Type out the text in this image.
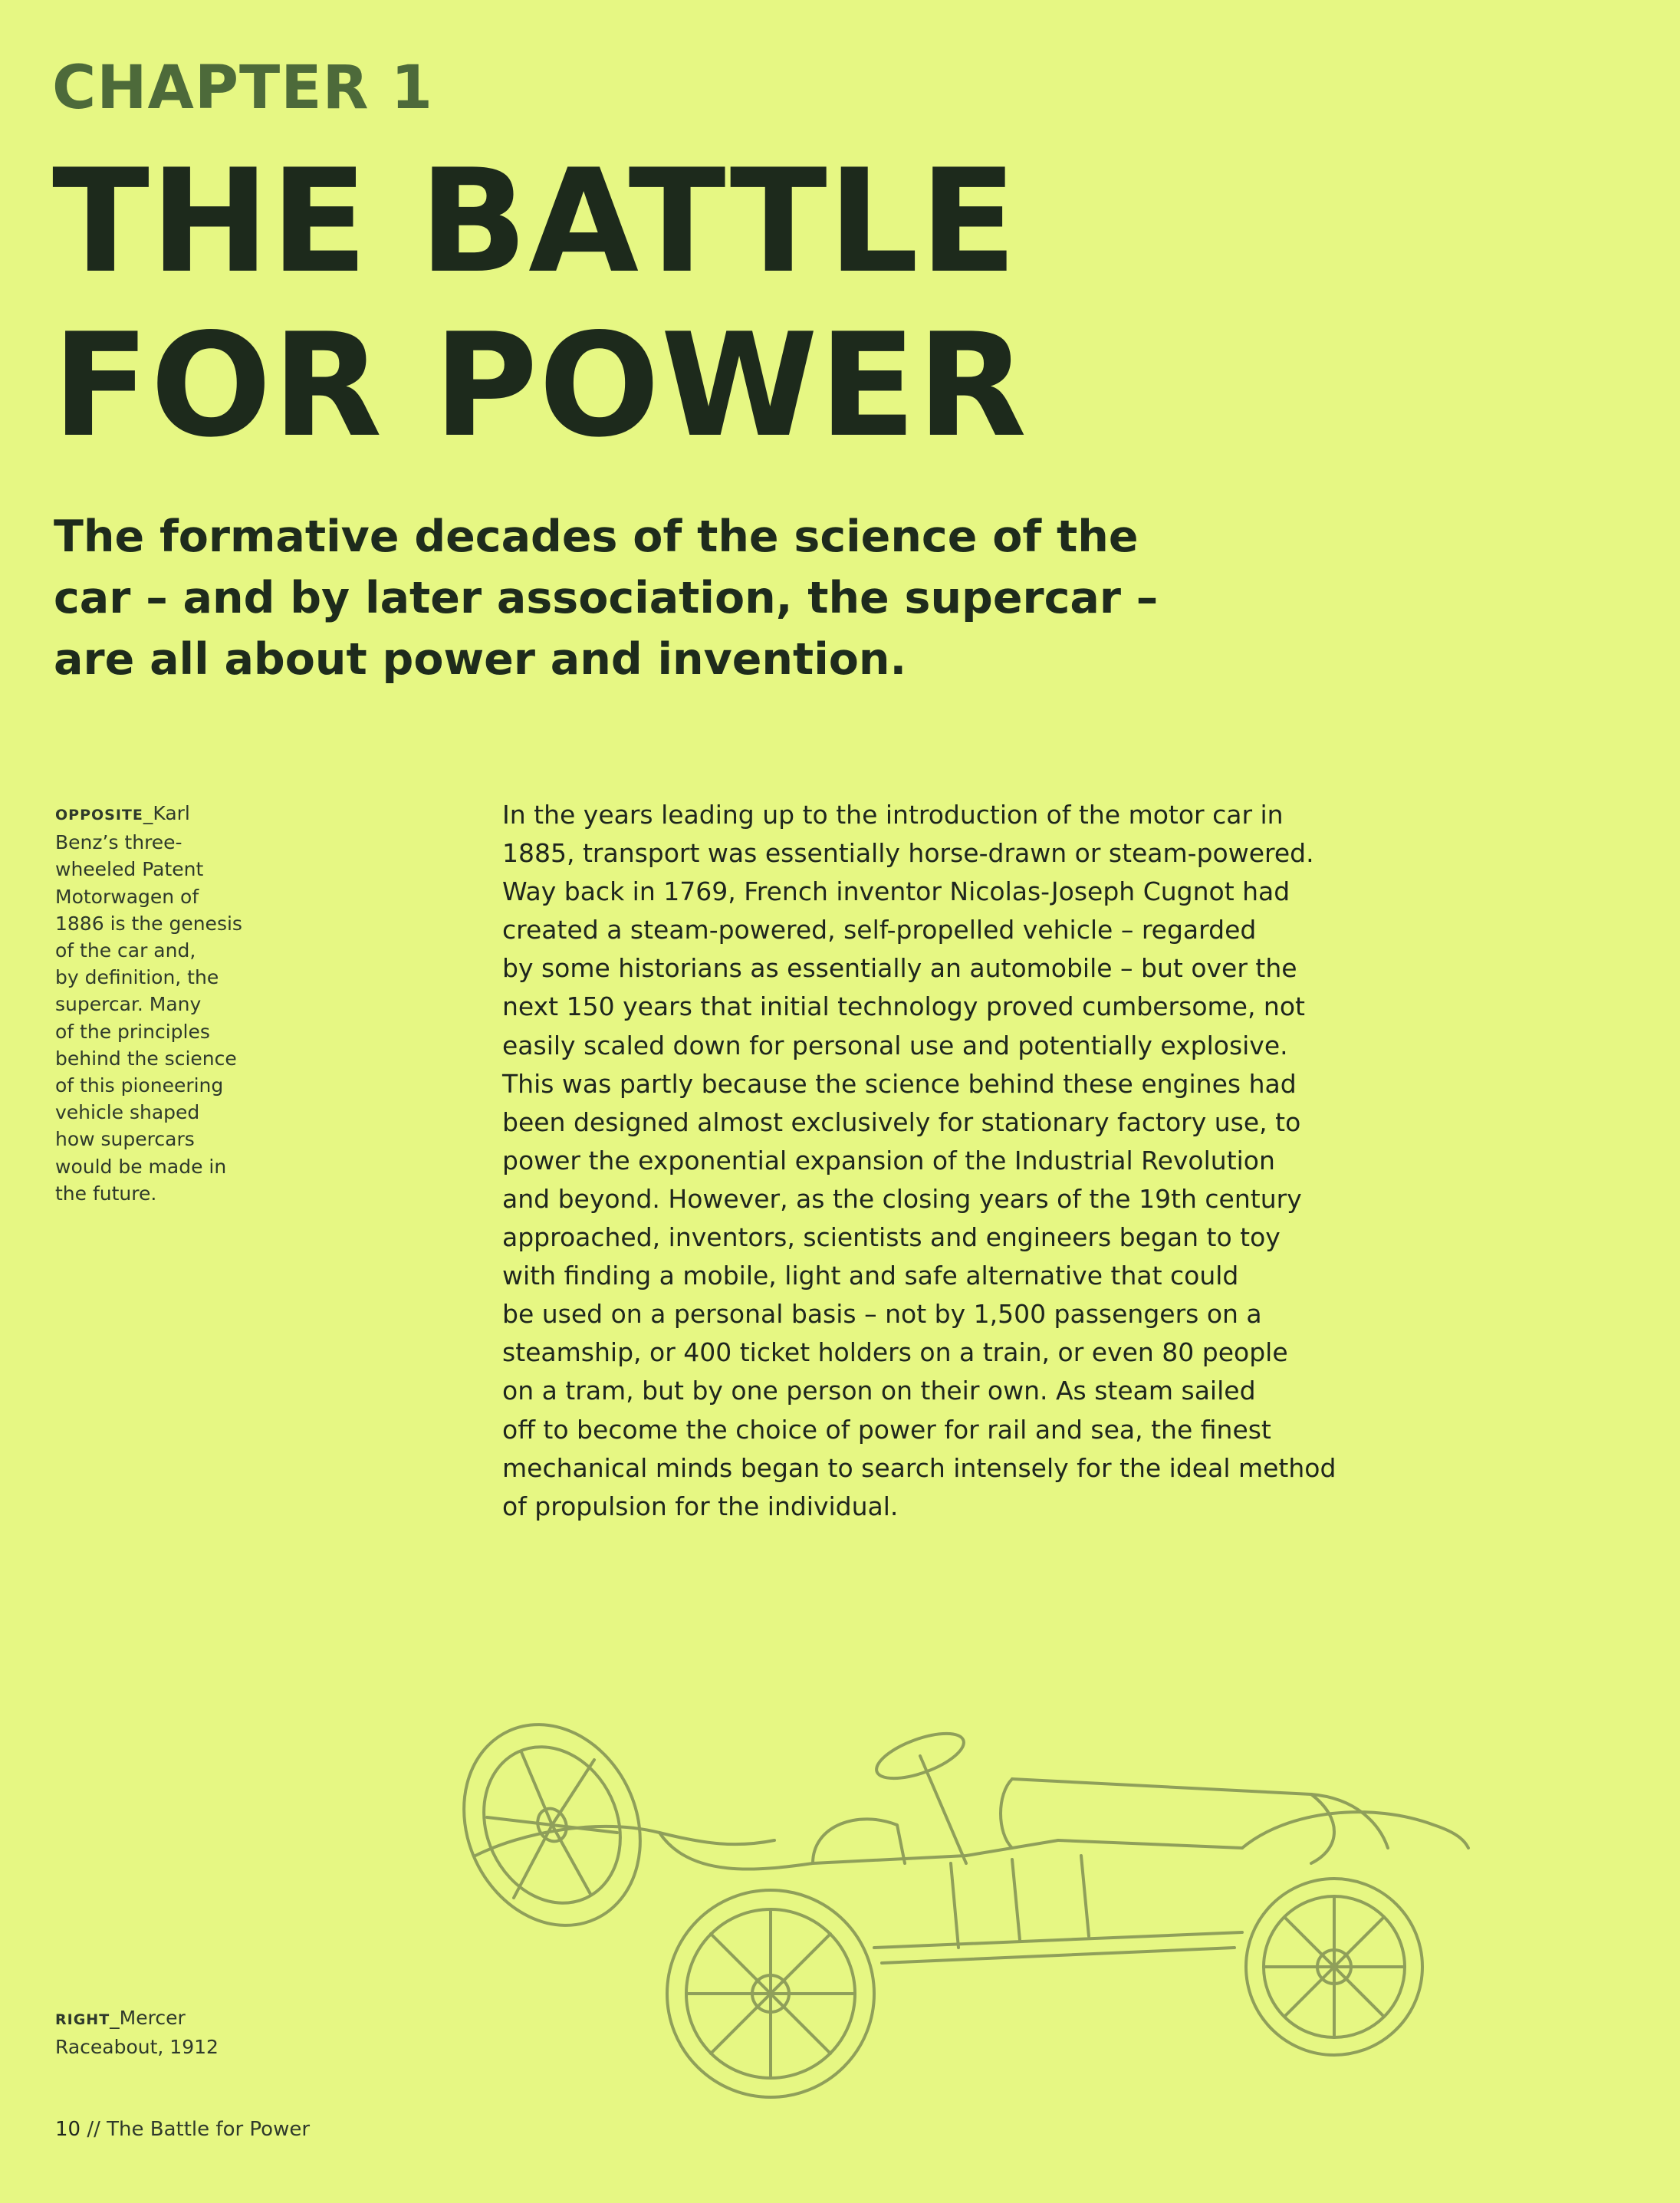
CHAPTER 1
THE BATTLE
FOR POWER

The formative decades of the science of the
car – and by later association, the supercar –
are all about power and invention.

OPPOSITE_Karl
Benz’s three-
wheeled Patent
Motorwagen of
1886 is the genesis
of the car and,
by definition, the
supercar. Many
of the principles
behind the science
of this pioneering
vehicle shaped
how supercars
would be made in
the future.

In the years leading up to the introduction of the motor car in
1885, transport was essentially horse-drawn or steam-powered.
Way back in 1769, French inventor Nicolas-Joseph Cugnot had
created a steam-powered, self-propelled vehicle – regarded
by some historians as essentially an automobile – but over the
next 150 years that initial technology proved cumbersome, not
easily scaled down for personal use and potentially explosive.
This was partly because the science behind these engines had
been designed almost exclusively for stationary factory use, to
power the exponential expansion of the Industrial Revolution
and beyond. However, as the closing years of the 19th century
approached, inventors, scientists and engineers began to toy
with finding a mobile, light and safe alternative that could
be used on a personal basis – not by 1,500 passengers on a
steamship, or 400 ticket holders on a train, or even 80 people
on a tram, but by one person on their own. As steam sailed
off to become the choice of power for rail and sea, the finest
mechanical minds began to search intensely for the ideal method
of propulsion for the individual.

RIGHT_Mercer
Raceabout, 1912
10 // The Battle for Power
